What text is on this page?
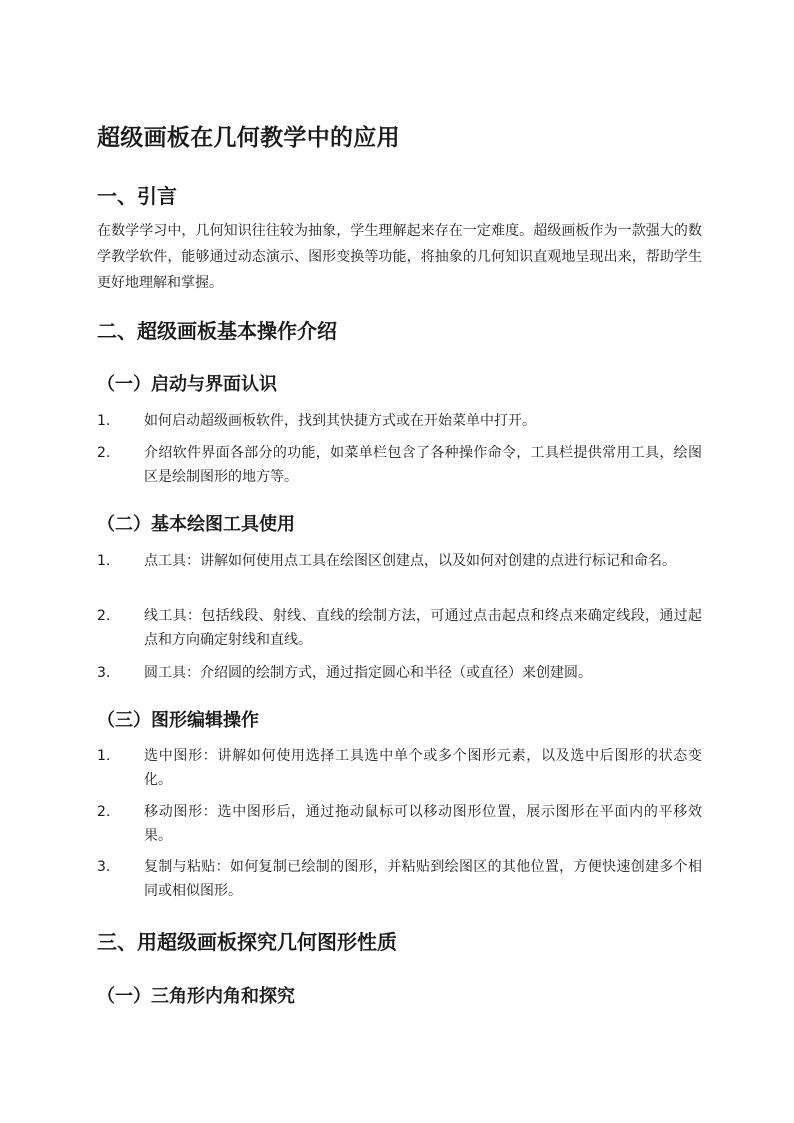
超级画板在几何教学中的应用
一、引言

在数学学习中，几何知识往往较为抽象，学生理解起来存在一定难度。超级画板作为一款强大的数学教学软件，能够通过动态演示、图形变换等功能，将抽象的几何知识直观地呈现出来，帮助学生更好地理解和掌握。

二、超级画板基本操作介绍
（一）启动与界面认识
1.	如何启动超级画板软件，找到其快捷方式或在开始菜单中打开。
2.	介绍软件界面各部分的功能，如菜单栏包含了各种操作命令，工具栏提供常用工具，绘图区是绘制图形的地方等。
（二）基本绘图工具使用
1.	点工具：讲解如何使用点工具在绘图区创建点，以及如何对创建的点进行标记和命名。
2.	线工具：包括线段、射线、直线的绘制方法，可通过点击起点和终点来确定线段，通过起点和方向确定射线和直线。
3.	圆工具：介绍圆的绘制方式，通过指定圆心和半径（或直径）来创建圆。
（三）图形编辑操作
1.	选中图形：讲解如何使用选择工具选中单个或多个图形元素，以及选中后图形的状态变化。
2.	移动图形：选中图形后，通过拖动鼠标可以移动图形位置，展示图形在平面内的平移效果。
3.	复制与粘贴：如何复制已绘制的图形，并粘贴到绘图区的其他位置，方便快速创建多个相同或相似图形。
三、用超级画板探究几何图形性质
（一）三角形内角和探究
